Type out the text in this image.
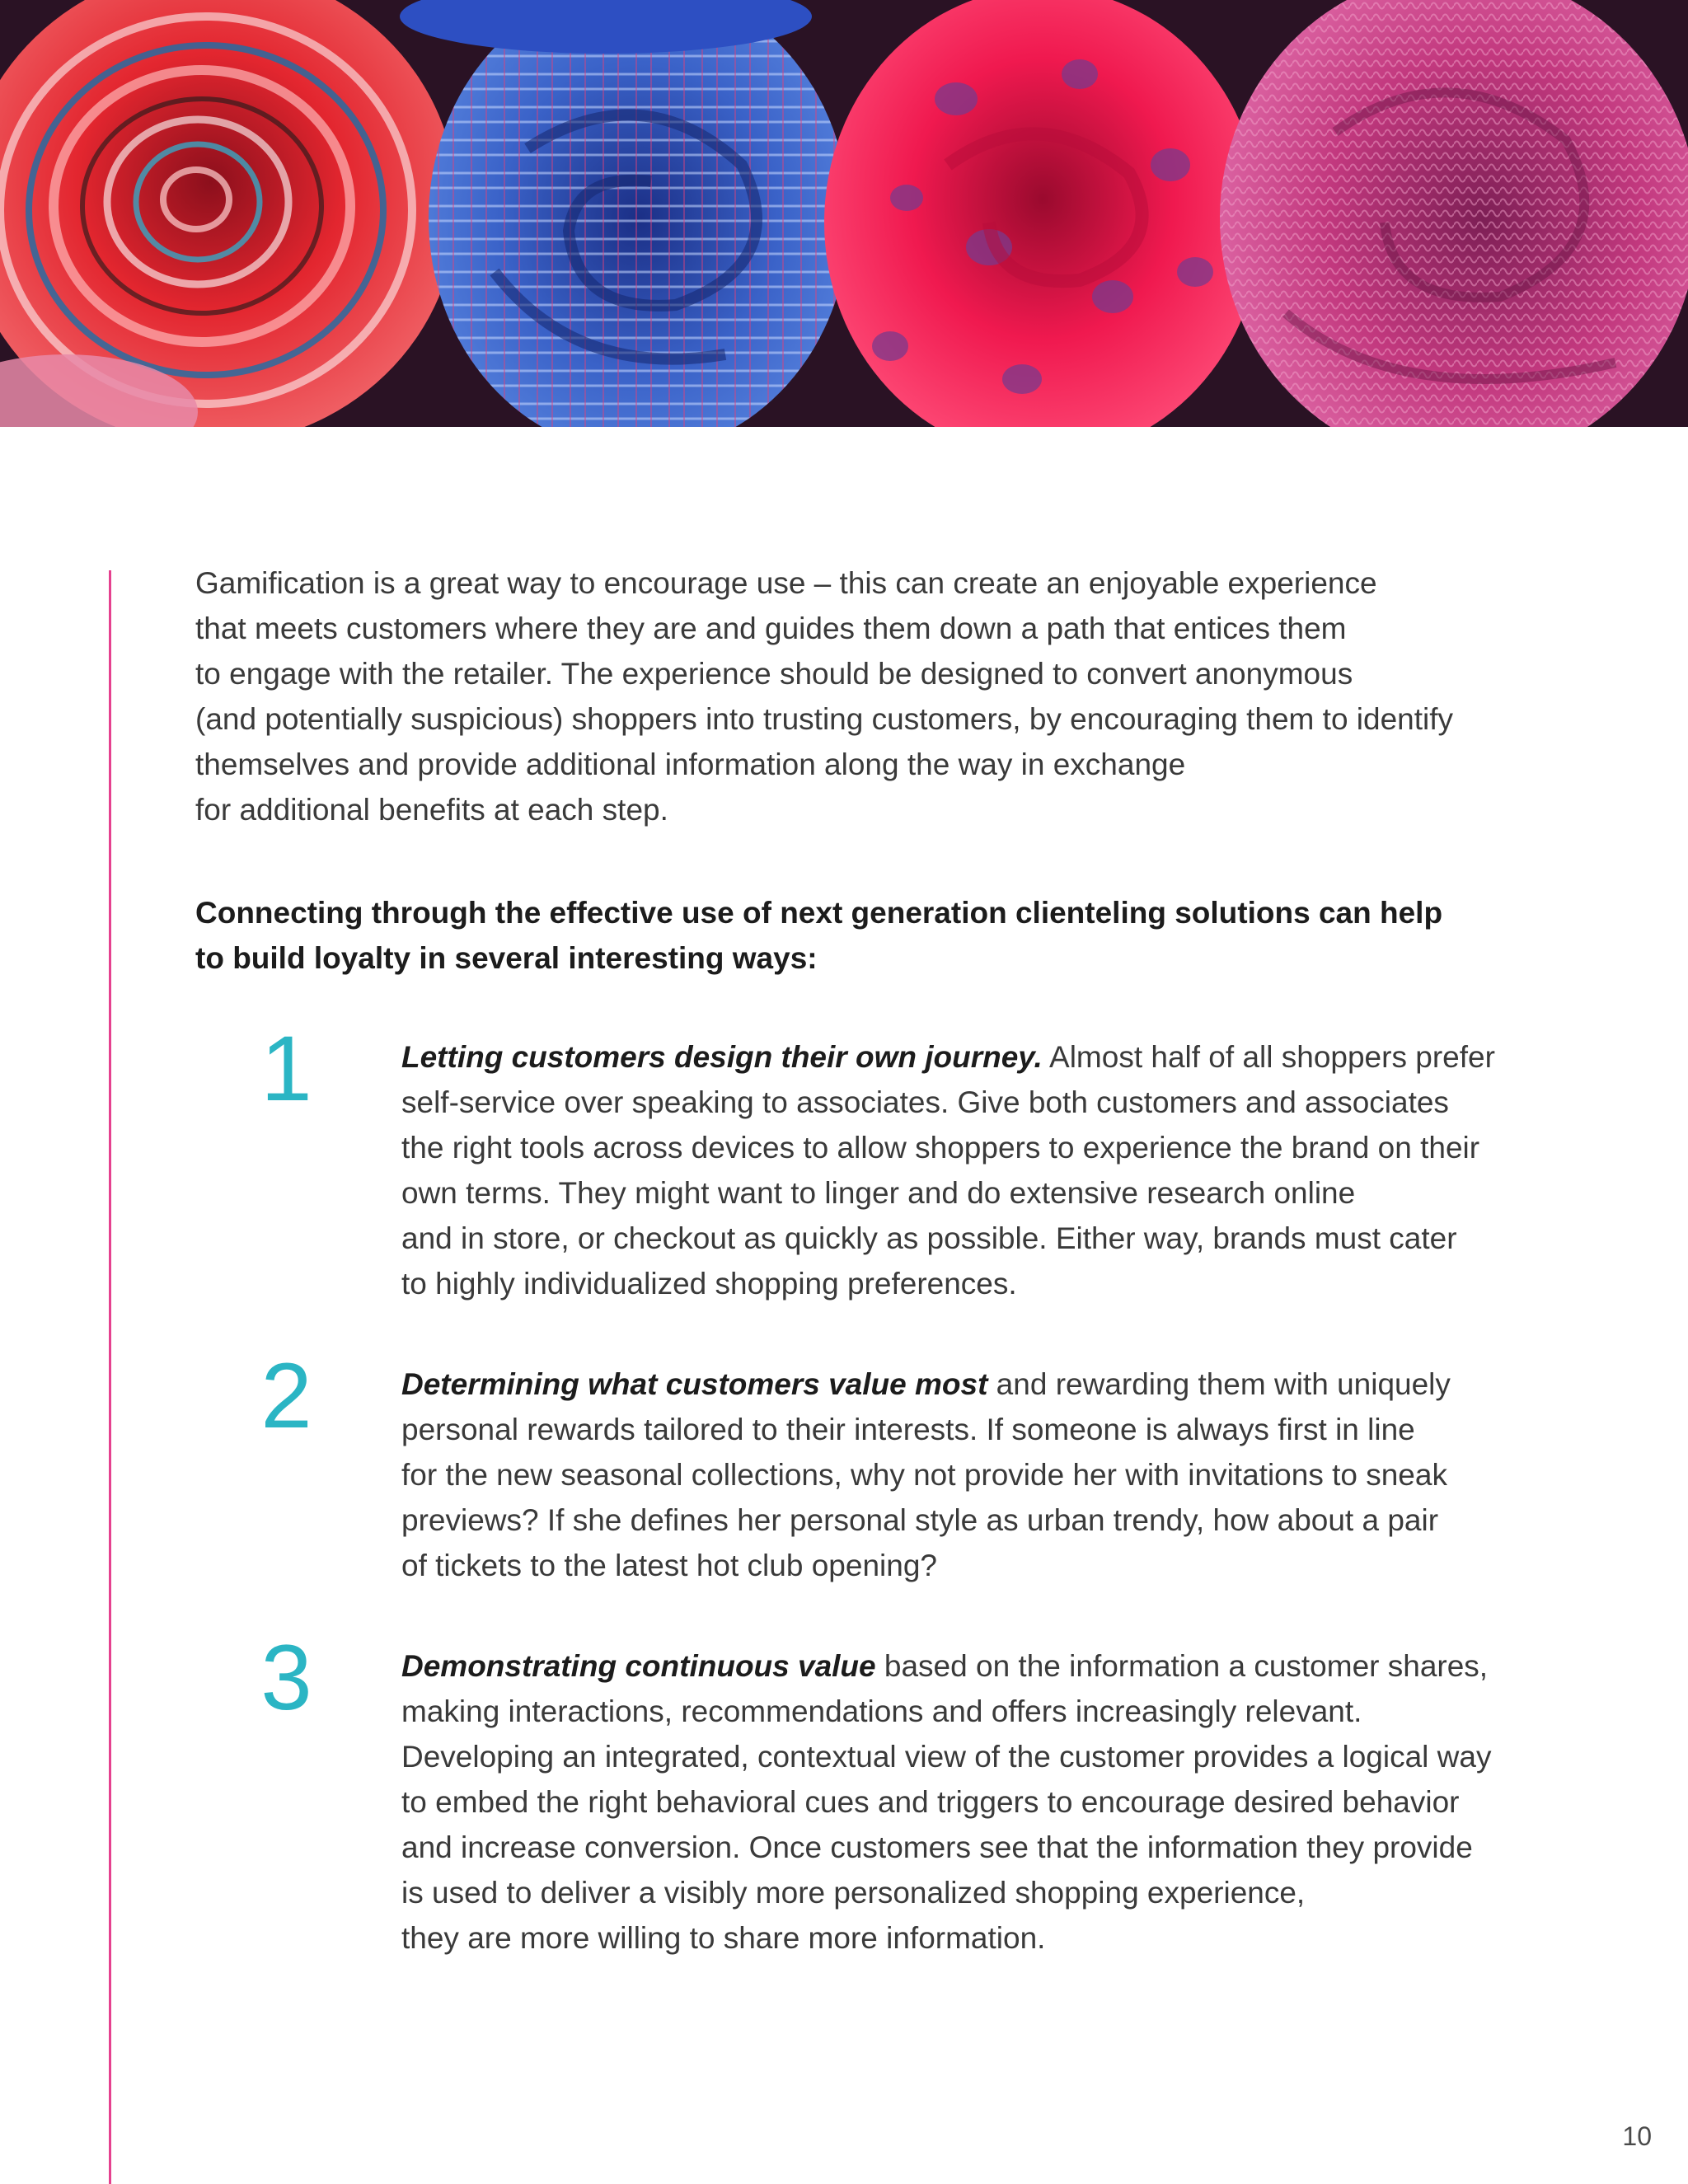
Gamification is a great way to encourage use – this can create an enjoyable experience
that meets customers where they are and guides them down a path that entices them
to engage with the retailer. The experience should be designed to convert anonymous
(and potentially suspicious) shoppers into trusting customers, by encouraging them to identify
themselves and provide additional information along the way in exchange
for additional benefits at each step.

Connecting through the effective use of next generation clienteling solutions can help
to build loyalty in several interesting ways:

1	Letting customers design their own journey. Almost half of all shoppers prefer
self-service over speaking to associates. Give both customers and associates
the right tools across devices to allow shoppers to experience the brand on their
own terms. They might want to linger and do extensive research online
and in store, or checkout as quickly as possible. Either way, brands must cater
to highly individualized shopping preferences.

2	Determining what customers value most and rewarding them with uniquely
personal rewards tailored to their interests. If someone is always first in line
for the new seasonal collections, why not provide her with invitations to sneak
previews? If she defines her personal style as urban trendy, how about a pair
of tickets to the latest hot club opening?

3	Demonstrating continuous value based on the information a customer shares,
making interactions, recommendations and offers increasingly relevant.
Developing an integrated, contextual view of the customer provides a logical way
to embed the right behavioral cues and triggers to encourage desired behavior
and increase conversion. Once customers see that the information they provide
is used to deliver a visibly more personalized shopping experience,
they are more willing to share more information.

10
